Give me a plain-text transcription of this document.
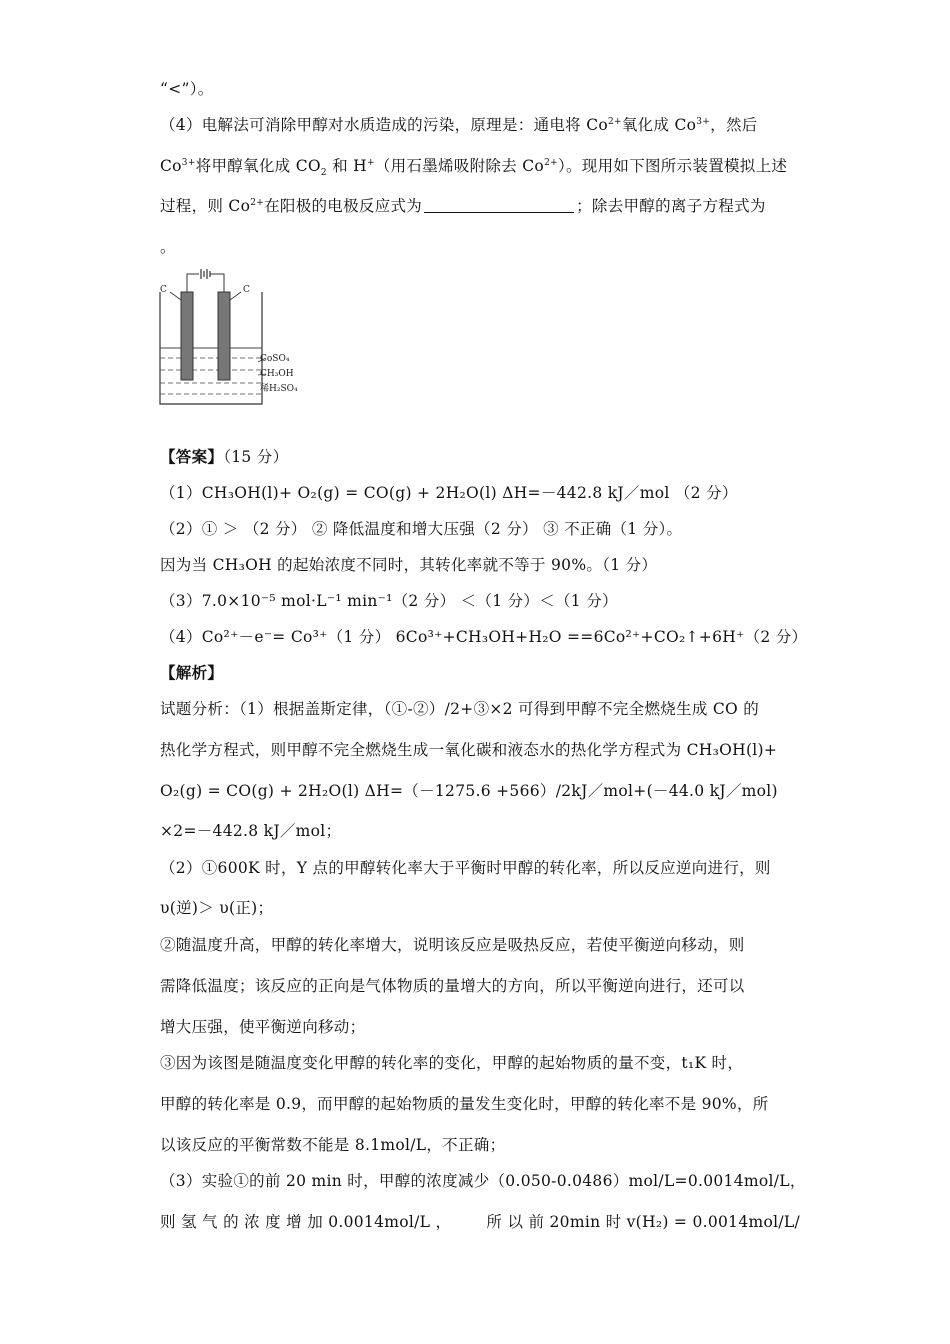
“<”）。
（4）电解法可消除甲醇对水质造成的污染，原理是：通电将 $Co^{2+}$氧化成 $Co^{3+}$，然后
$Co^{3+}$将甲醇氧化成 $CO_2$ 和 H+（用石墨烯吸附除去 $Co^{2+}$）。现用如下图所示装置模拟上述
过程，则 $Co^{2+}$在阳极的电极反应式为	；除去甲醇的离子方程式为
。
C	C
CoSO₄
CH₃OH
稀H₂SO₄
【答案】（15 分）
（1）CH₃OH(l)+ O₂(g) = CO(g) + 2H₂O(l) ΔH=－442.8 kJ／mol （2 分）
（2）① ＞ （2 分） ② 降低温度和增大压强（2 分） ③ 不正确（1 分）。
因为当 CH₃OH 的起始浓度不同时，其转化率就不等于 90%。（1 分）
（3）7.0×10⁻⁵ mol·L⁻¹ min⁻¹（2 分） ＜（1 分）＜（1 分）
（4）Co²⁺－e⁻= Co³⁺（1 分） 6Co³⁺+CH₃OH+H₂O ==6Co²⁺+CO₂↑+6H⁺（2 分）
【解析】
试题分析：（1）根据盖斯定律，（①-②）/2+③×2 可得到甲醇不完全燃烧生成 CO 的
热化学方程式，则甲醇不完全燃烧生成一氧化碳和液态水的热化学方程式为 CH₃OH(l)+
O₂(g) = CO(g) + 2H₂O(l) ΔH=（－1275.6 +566）/2kJ／mol+(－44.0 kJ／mol)
×2=－442.8 kJ／mol；
（2）①600K 时，Y 点的甲醇转化率大于平衡时甲醇的转化率，所以反应逆向进行，则
υ(逆)＞ υ(正)；
②随温度升高，甲醇的转化率增大，说明该反应是吸热反应，若使平衡逆向移动，则
需降低温度；该反应的正向是气体物质的量增大的方向，所以平衡逆向进行，还可以
增大压强，使平衡逆向移动；
③因为该图是随温度变化甲醇的转化率的变化，甲醇的起始物质的量不变，t₁K 时，
甲醇的转化率是 0.9，而甲醇的起始物质的量发生变化时，甲醇的转化率不是 90%，所
以该反应的平衡常数不能是 8.1mol/L，不正确；
（3）实验①的前 20 min 时，甲醇的浓度减少（0.050-0.0486）mol/L=0.0014mol/L，
则 氢 气 的 浓 度 增 加 0.0014mol/L ， 所 以 前 20min 时 v(H₂) = 0.0014mol/L/
